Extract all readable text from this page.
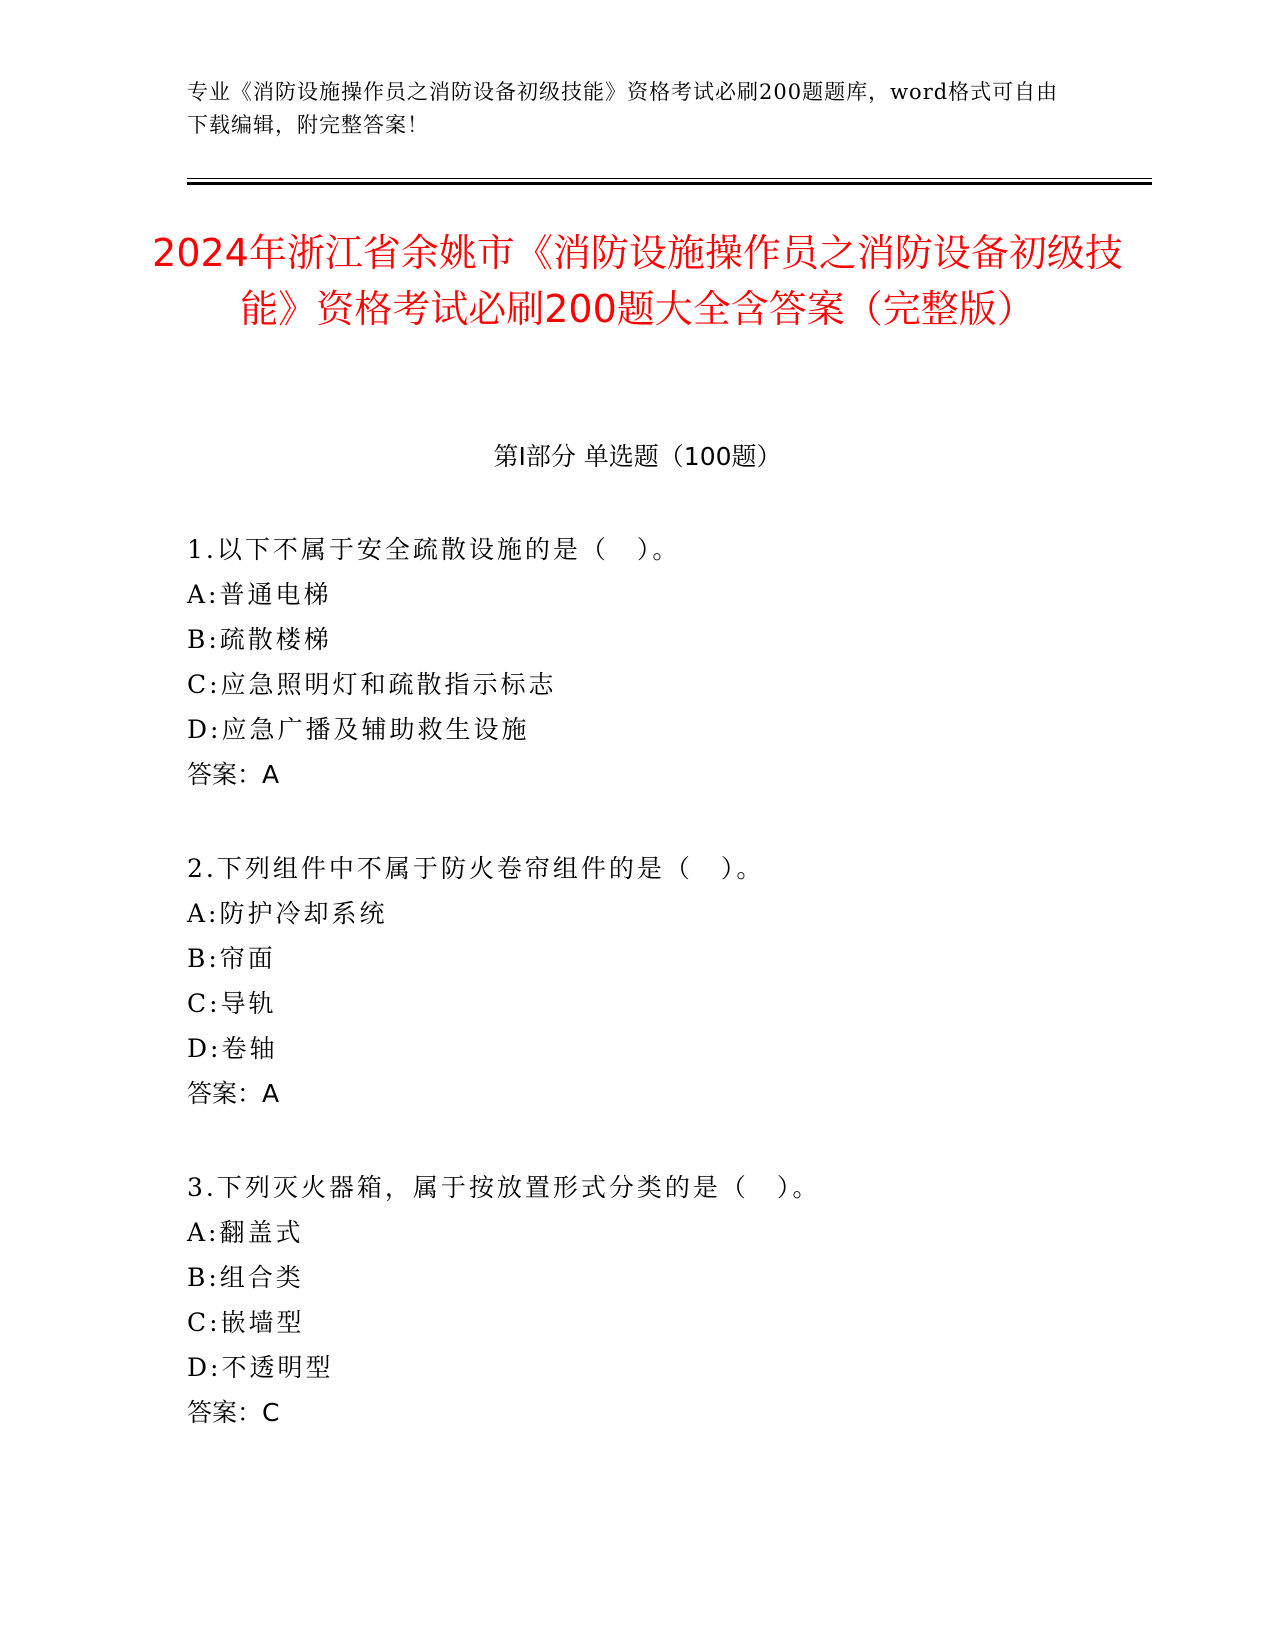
专业《消防设施操作员之消防设备初级技能》资格考试必刷200题题库，word格式可自由下载编辑，附完整答案！
2024年浙江省余姚市《消防设施操作员之消防设备初级技能》资格考试必刷200题大全含答案（完整版）
第I部分 单选题（100题）
1.以下不属于安全疏散设施的是（　）。
A:普通电梯
B:疏散楼梯
C:应急照明灯和疏散指示标志
D:应急广播及辅助救生设施
答案：A
2.下列组件中不属于防火卷帘组件的是（　）。
A:防护冷却系统
B:帘面
C:导轨
D:卷轴
答案：A
3.下列灭火器箱，属于按放置形式分类的是（　）。
A:翻盖式
B:组合类
C:嵌墙型
D:不透明型
答案：C
